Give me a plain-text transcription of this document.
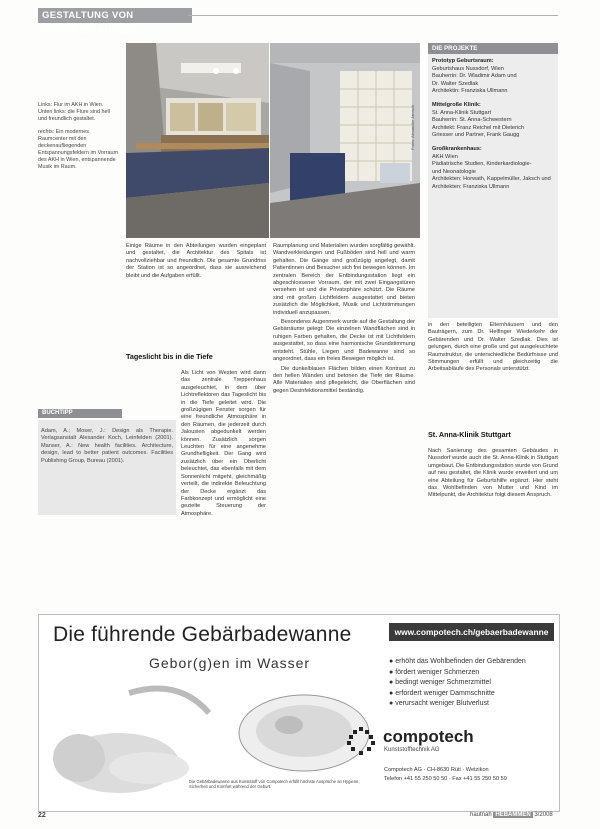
GESTALTUNG VON GEBURTSRÄUMEN
Fotos: Alexander Jarosch

Links: Flur im AKH in Wien. Unten links: die Flure sind hell und freundlich gestaltet.

rechts: Ein modernes Raumcenter mit den deckenaufliegenden Entspannungsfeldern im Vorraum des AKH in Wien, entspannende Musik im Raum.

DIE PROJEKTE
Prototyp Geburtsraum:
Geburtshaus Nussdorf, Wien
Bauherrin: Dr. Wladimir Adam und
Dr. Walter Szedlak
Architektin: Franziska Ullmann
Mittelgroße Klinik:
St. Anna-Klinik Stuttgart
Bauherrin: St. Anna-Schwestern
Architekt: Franz Reichel mit Dieterich
Griesser und Partner, Frank Gaugg
Großkrankenhaus:
AKH Wien
Pädiatrische Studien, Kinderkardiologie-
und Neonatologie
Architekten: Horwath, Kappelmüller, Jaksch und
Architekten: Franziska Ullmann
Einige Räume in den Abteilungen wurden eingeplant und gestaltet, die Architektur des Spitals ist nachvollziehbar und freundlich. Die gesamte Grundriss der Station ist so angeordnet, dass sie ausreichend bleibt und die Aufgaben erfüllt.
Tageslicht bis in die Tiefe

Als Licht von Westen wird dann das zentrale Treppenhaus ausgeleuchtet, in dem über Lichtreflektoren das Tageslicht bis in die Tiefe geleitet wird. Die großzügigen Fenster sorgen für eine freundliche Atmosphäre in den Räumen, die jederzeit durch Jalousien abgedunkelt werden können. Zusätzlich sorgen Leuchten für eine angenehme Grundhelligkeit. Der Gang wird zusätzlich über ein Oberlicht beleuchtet, das ebenfalls mit dem Sonnenlicht mitgeht, gleichmäßig verteilt, die indirekte Beleuchtung der Decke ergänzt das Farbkonzept und ermöglicht eine gezielte Steuerung der Atmosphäre.

BUCHTIPP
Adam, A.; Moser, J.: Design als Therapie. Verlagsanstalt Alexander Koch, Leinfelden (2001). Manser, A.: New health facilities. Architecture, design, lead to better patient outcomes. Facilities Publishing Group, Bureau (2001).

Raumplanung und Materialien wurden sorgfältig gewählt. Wandverkleidungen und Fußböden sind hell und warm gehalten. Die Gänge sind großzügig angelegt, damit Patientinnen und Besucher sich frei bewegen können. Im zentralen Bereich der Entbindungsstation liegt ein abgeschlossener Vorraum, der mit zwei Eingangstüren versehen ist und die Privatsphäre schützt. Die Räume sind mit großen Lichtfeldern ausgestattet und bieten zusätzlich die Möglichkeit, Musik und Lichtstimmungen individuell anzupassen.

Besonderes Augenmerk wurde auf die Gestaltung der Gebärräume gelegt: Die einzelnen Wandflächen sind in ruhigen Farben gehalten, die Decke ist mit Lichtfeldern ausgestattet, so dass eine harmonische Grundstimmung entsteht. Stühle, Liegen und Badewanne sind so angeordnet, dass ein freies Bewegen möglich ist.

Die dunkelblauen Flächen bilden einen Kontrast zu den hellen Wänden und betonen die Tiefe der Räume. Alle Materialien sind pflegeleicht, die Oberflächen sind gegen Desinfektionsmittel beständig.

in den beteiligten Elternhäusern und den Bauträgern, zum Dr. Helfinger Wiederkehr der Gebärenden und Dr. Walter Szedlak. Dies ist gelungen, durch eine große und gut ausgeleuchtete Raumstruktur, die unterschiedliche Bedürfnisse und Stimmungen erfüllt und gleichzeitig die Arbeitsabläufe des Personals unterstützt.
St. Anna-Klinik Stuttgart
Nach Sanierung des gesamten Gebäudes in Nussdorf wurde auch die St. Anna-Klinik in Stuttgart umgebaut. Die Entbindungsstation wurde von Grund auf neu gestaltet, die Klinik wurde erweitert und um eine Abteilung für Geburtshilfe ergänzt. Hier steht das Wohlbefinden von Mutter und Kind im Mittelpunkt, die Architektur folgt diesem Anspruch.
Die führende Gebärbadewanne	www.compotech.ch/gebaerbadewanne
Gebor(g)en im Wasser
Die Gebärbadewanne aus Kunststoff von Compotech erfüllt höchste Ansprüche an Hygiene, Sicherheit und Komfort während der Geburt.
● erhöht das Wohlbefinden der Gebärenden
● fördert weniger Schmerzen
● bedingt weniger Schmerzmittel
● erfordert weniger Dammschnitte
● verursacht weniger Blutverlust
compotech
Kunststofftechnik AG
Compotech AG · CH-8630 Rüti · Wetzikon
Telefon +41 55 250 50 50 · Fax +41 55 250 50 59
22	hautnah HEBAMMEN 3/2008
